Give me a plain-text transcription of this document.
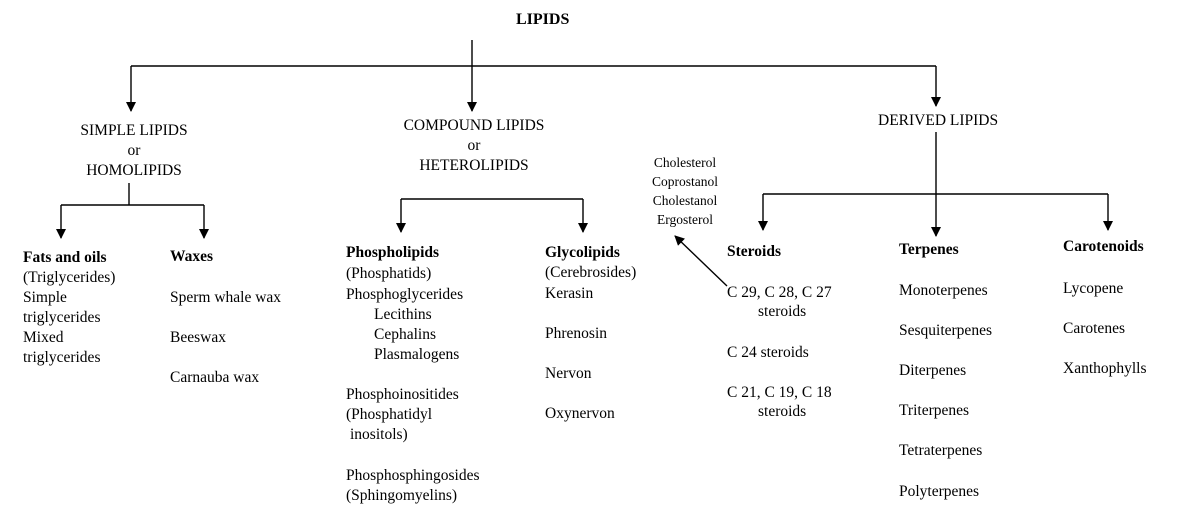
LIPIDS
SIMPLE LIPIDS
or
HOMOLIPIDS
Fats and oils
(Triglycerides)
Simple
triglycerides
Mixed
triglycerides
Waxes
Sperm whale wax
Beeswax
Carnauba wax
COMPOUND LIPIDS
or
HETEROLIPIDS
Phospholipids
(Phosphatids)
Phosphoglycerides
Lecithins
Cephalins
Plasmalogens
Phosphoinositides
(Phosphatidyl
inositols)
Phosphosphingosides
(Sphingomyelins)
Glycolipids
(Cerebrosides)
Kerasin
Phrenosin
Nervon
Oxynervon
DERIVED LIPIDS
Cholesterol
Coprostanol
Cholestanol
Ergosterol
Steroids
C 29, C 28, C 27
steroids
C 24 steroids
C 21, C 19, C 18
steroids
Terpenes
Monoterpenes
Sesquiterpenes
Diterpenes
Triterpenes
Tetraterpenes
Polyterpenes
Carotenoids
Lycopene
Carotenes
Xanthophylls
